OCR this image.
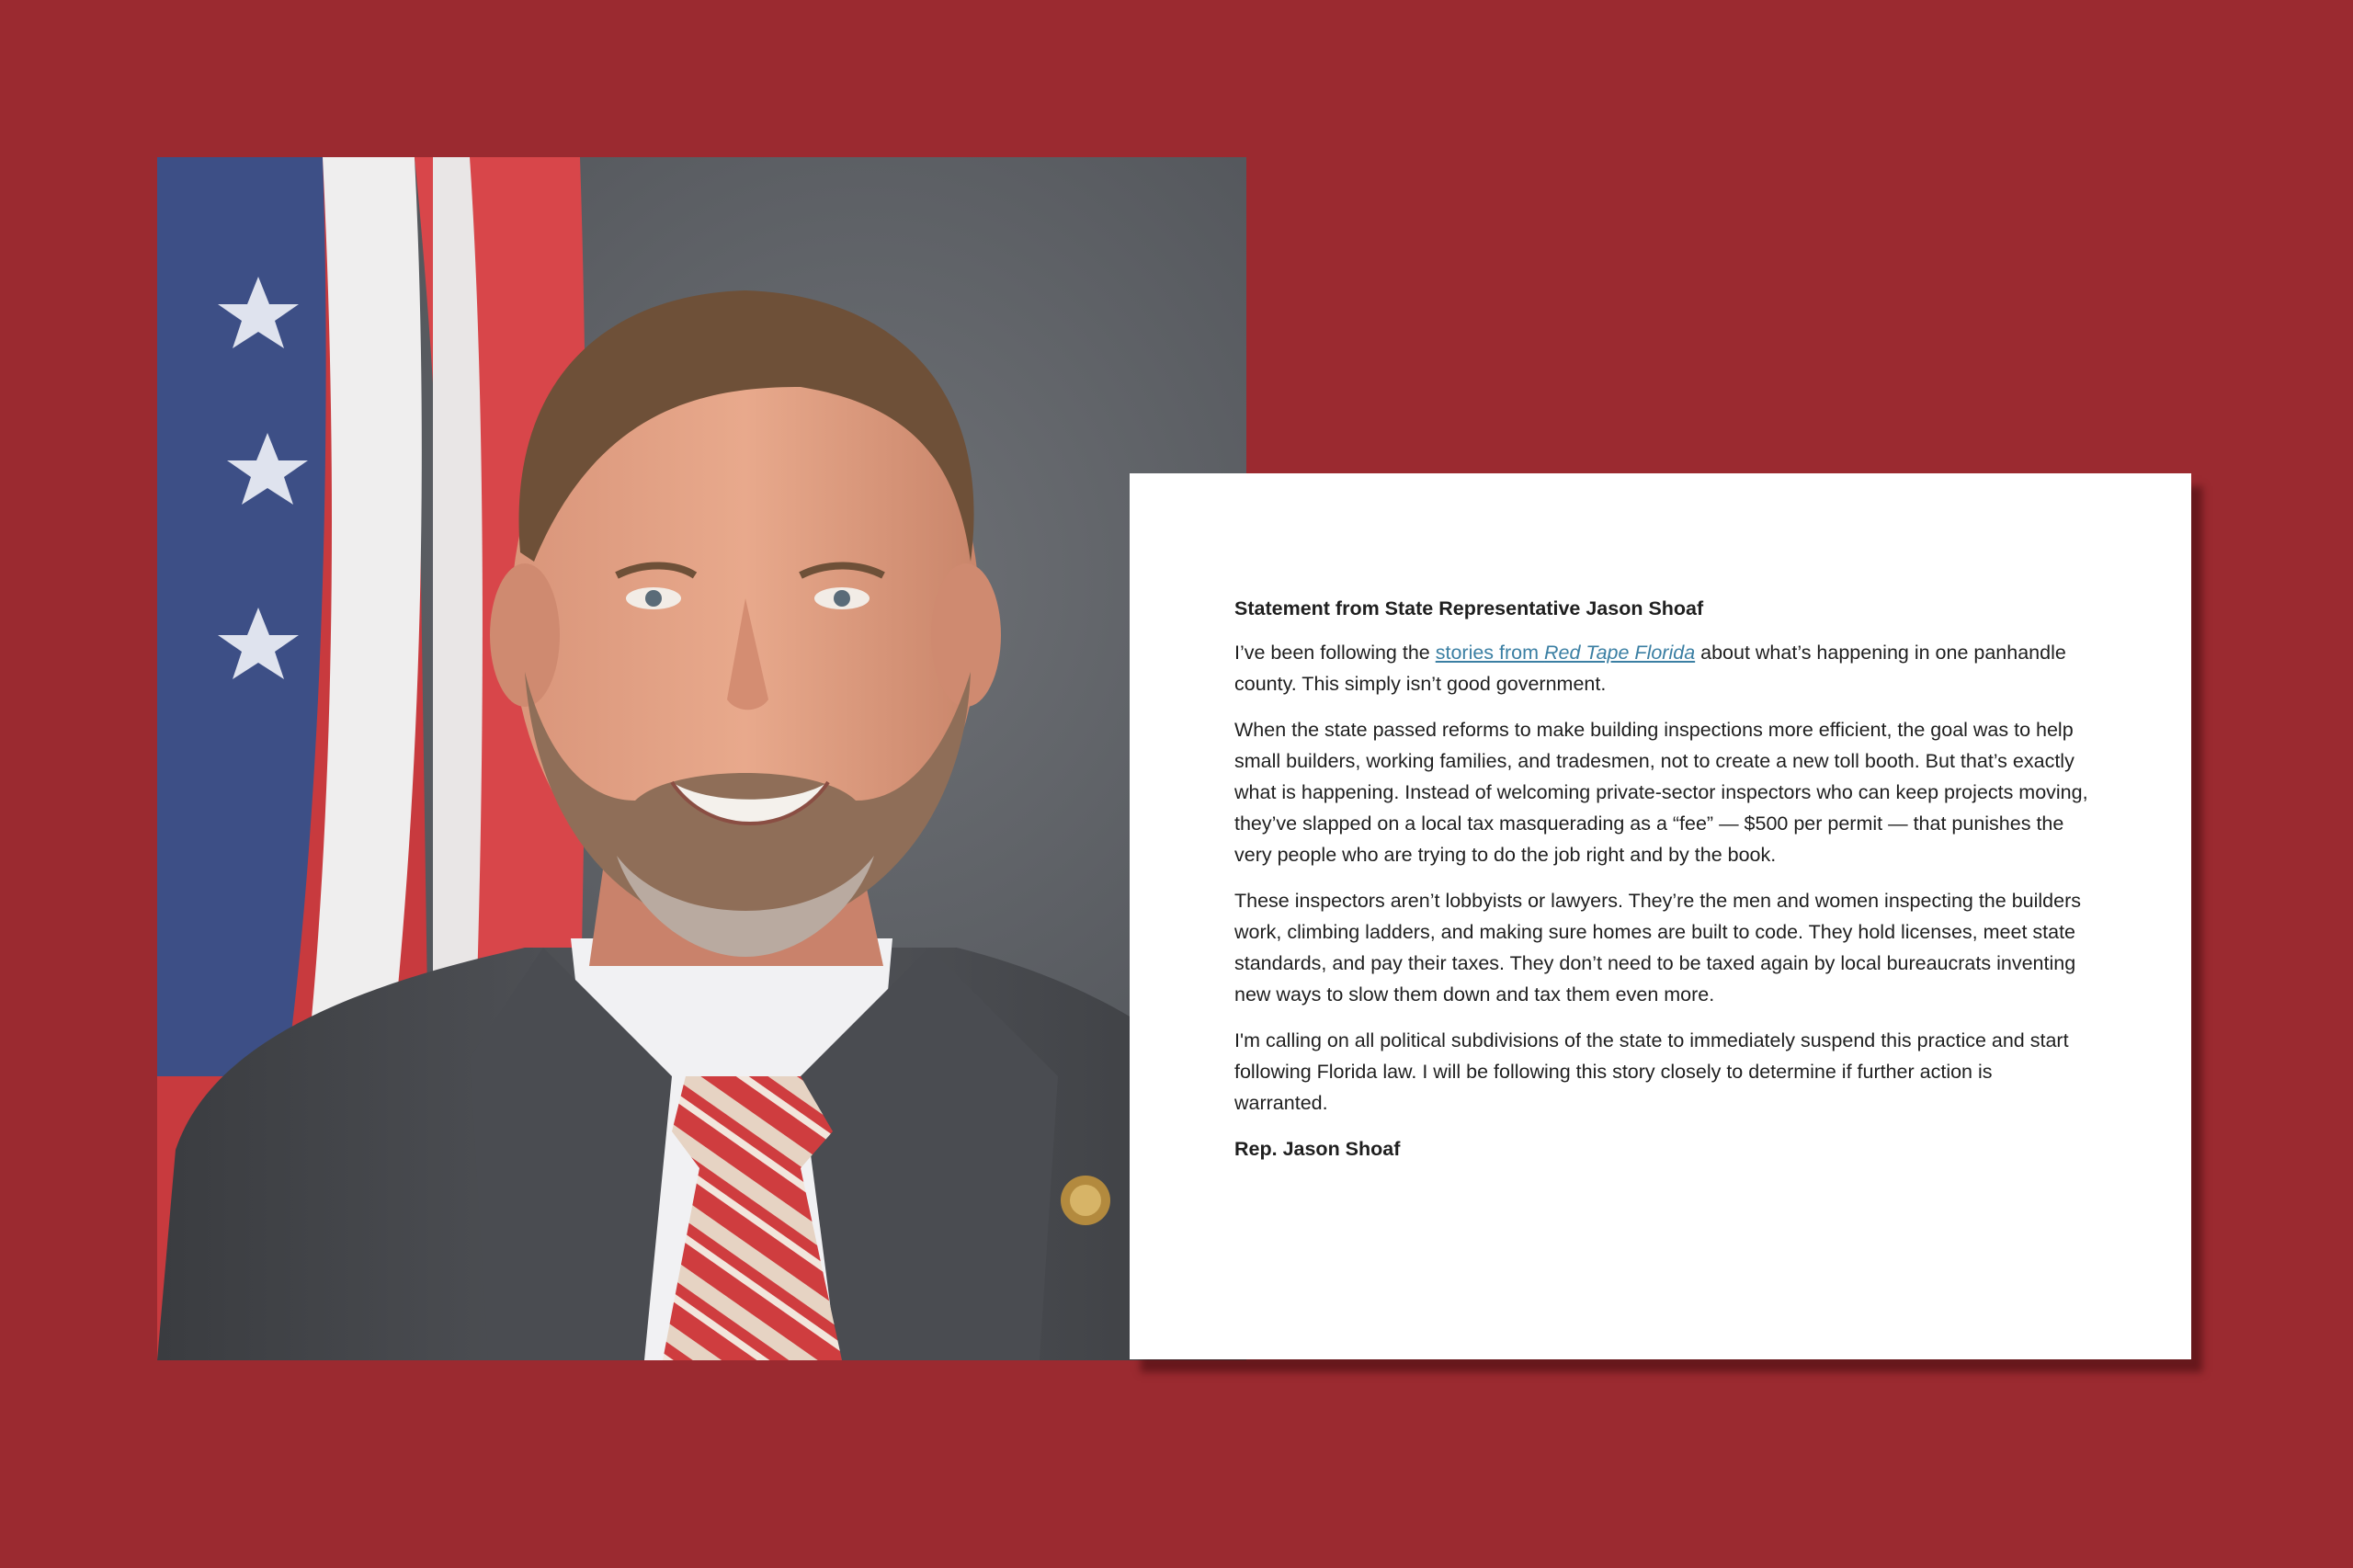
Statement from State Representative Jason Shoaf

I’ve been following the stories from Red Tape Florida about what’s happening in one panhandle county. This simply isn’t good government.

When the state passed reforms to make building inspections more efficient, the goal was to help small builders, working families, and tradesmen, not to create a new toll booth. But that’s exactly what is happening. Instead of welcoming private-sector inspectors who can keep projects moving, they’ve slapped on a local tax masquerading as a “fee” — $500 per permit — that punishes the very people who are trying to do the job right and by the book.

These inspectors aren’t lobbyists or lawyers. They’re the men and women inspecting the builders work, climbing ladders, and making sure homes are built to code. They hold licenses, meet state standards, and pay their taxes. They don’t need to be taxed again by local bureaucrats inventing new ways to slow them down and tax them even more.

I'm calling on all political subdivisions of the state to immediately suspend this practice and start following Florida law. I will be following this story closely to determine if further action is warranted.

Rep. Jason Shoaf
